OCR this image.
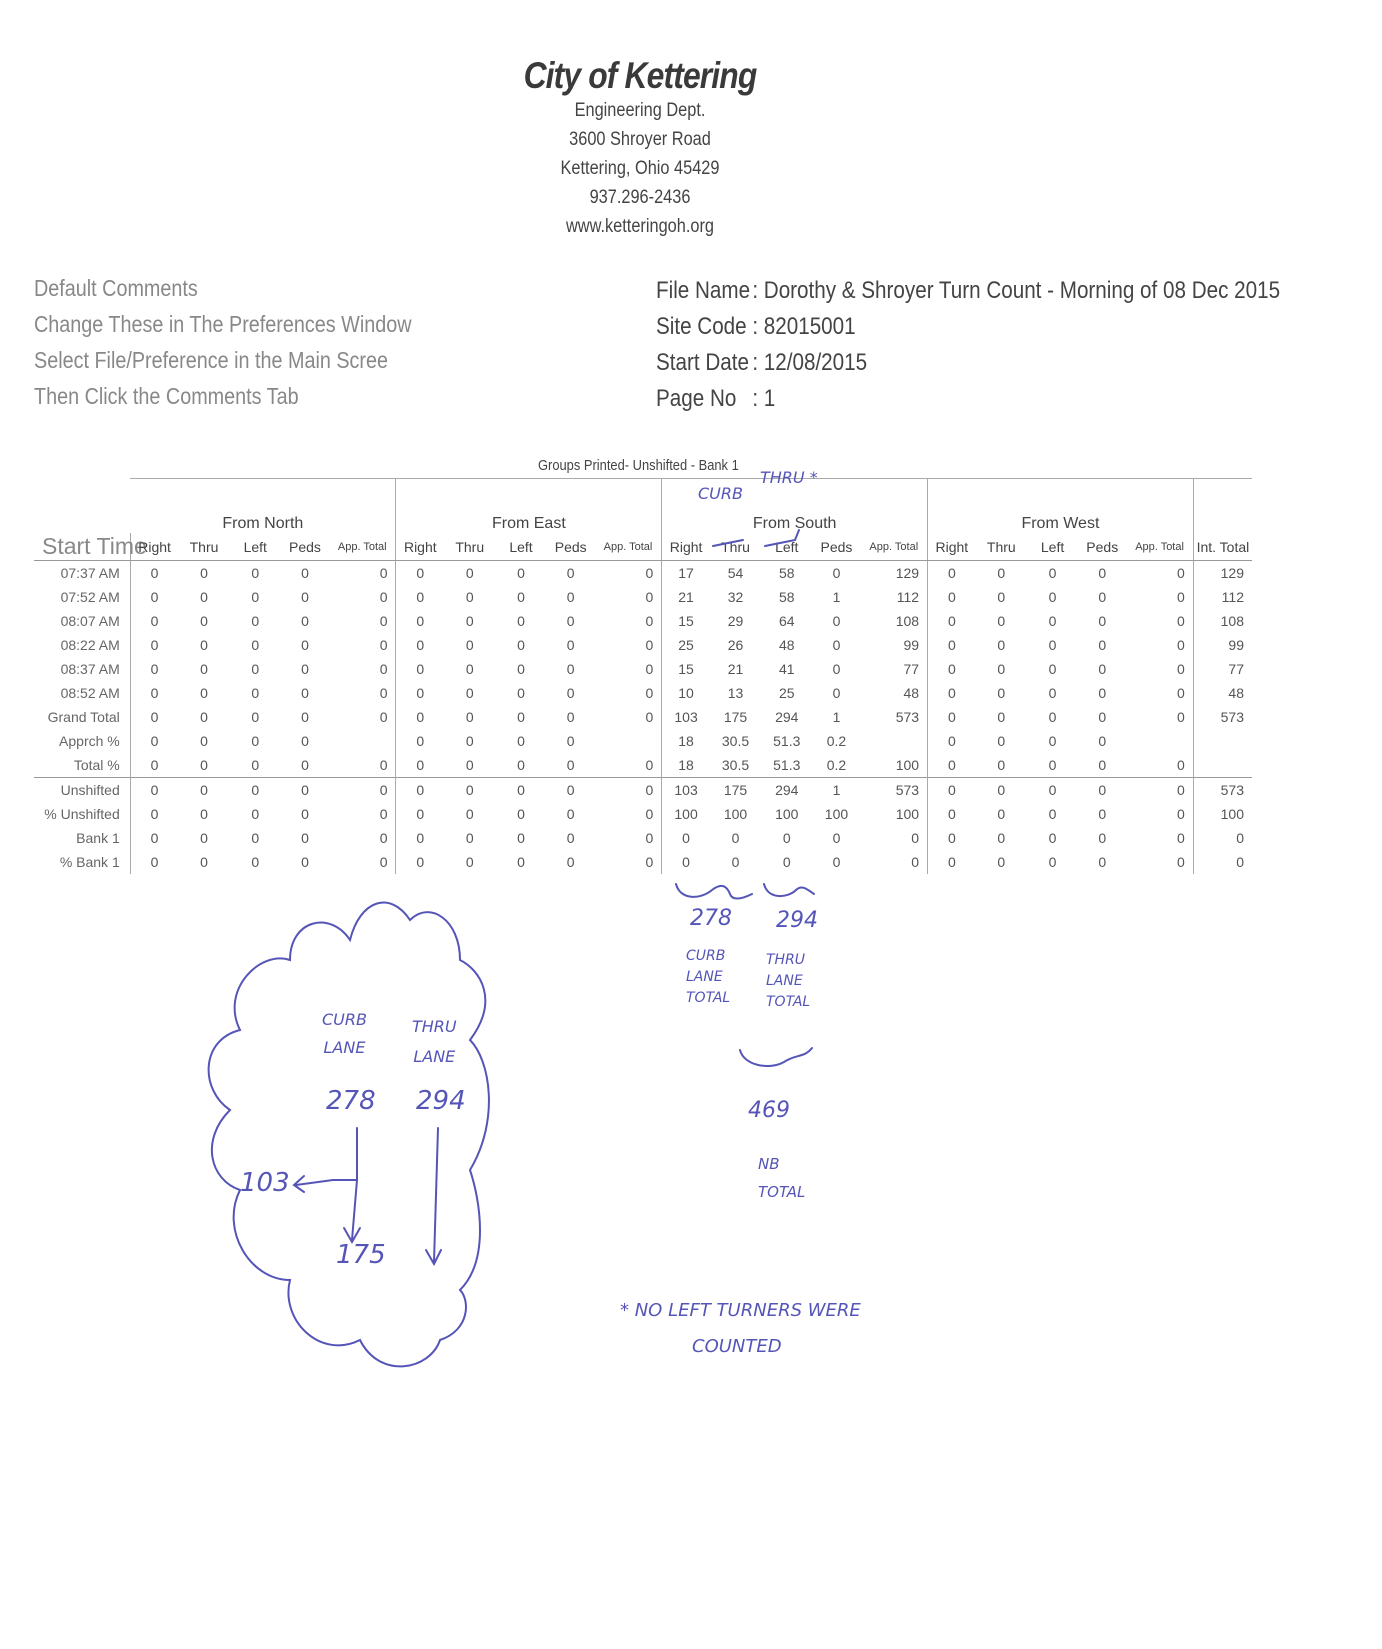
City of Kettering
Engineering Dept.
3600 Shroyer Road
Kettering, Ohio 45429
937.296-2436
www.ketteringoh.org
Default Comments
Change These in The Preferences Window
Select File/Preference in the Main Scree
Then Click the Comments Tab
File Name: Dorothy & Shroyer Turn Count - Morning of 08 Dec 2015
Site Code : 82015001
Start Date : 12/08/2015
Page No : 1
Groups Printed- Unshifted - Bank 1
	From North					From East					From South					From West					
Start Time	Right	Thru	Left	Peds	App. Total	Right	Thru	Left	Peds	App. Total	Right	Thru	Left	Peds	App. Total	Right	Thru	Left	Peds	App. Total	Int. Total
07:37 AM	0	0	0	0	0	0	0	0	0	0	17	54	58	0	129	0	0	0	0	0	129
07:52 AM	0	0	0	0	0	0	0	0	0	0	21	32	58	1	112	0	0	0	0	0	112
08:07 AM	0	0	0	0	0	0	0	0	0	0	15	29	64	0	108	0	0	0	0	0	108
08:22 AM	0	0	0	0	0	0	0	0	0	0	25	26	48	0	99	0	0	0	0	0	99
08:37 AM	0	0	0	0	0	0	0	0	0	0	15	21	41	0	77	0	0	0	0	0	77
08:52 AM	0	0	0	0	0	0	0	0	0	0	10	13	25	0	48	0	0	0	0	0	48
Grand Total	0	0	0	0	0	0	0	0	0	0	103	175	294	1	573	0	0	0	0	0	573
Apprch %	0	0	0	0		0	0	0	0		18	30.5	51.3	0.2		0	0	0	0		
Total %	0	0	0	0	0	0	0	0	0	0	18	30.5	51.3	0.2	100	0	0	0	0	0	
Unshifted	0	0	0	0	0	0	0	0	0	0	103	175	294	1	573	0	0	0	0	0	573
% Unshifted	0	0	0	0	0	0	0	0	0	0	100	100	100	100	100	0	0	0	0	0	100
Bank 1	0	0	0	0	0	0	0	0	0	0	0	0	0	0	0	0	0	0	0	0	0
% Bank 1	0	0	0	0	0	0	0	0	0	0	0	0	0	0	0	0	0	0	0	0	0
CURB
THRU *
278 294
CURB
LANE
TOTAL
THRU
LANE
TOTAL
469
NB
TOTAL
CURB
LANE
THRU
LANE
278 294
103
175
* NO LEFT TURNERS WERE
COUNTED
